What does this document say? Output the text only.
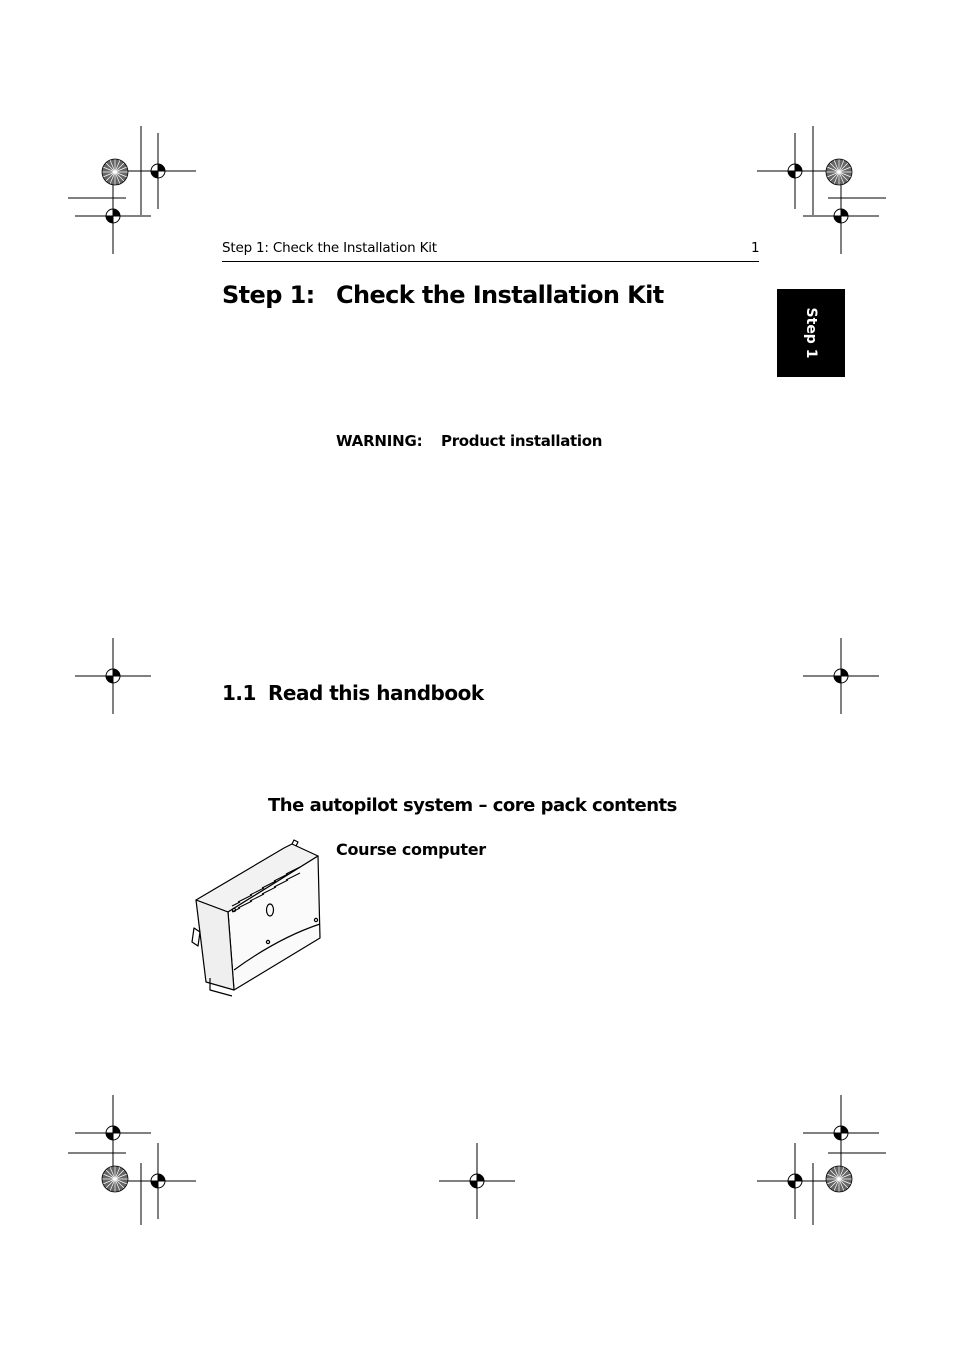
Step 1: Check the Installation Kit	1
Step 1: Check the Installation Kit
Step 1
WARNING: Product installation
1.1 Read this handbook
The autopilot system – core pack contents
Course computer
